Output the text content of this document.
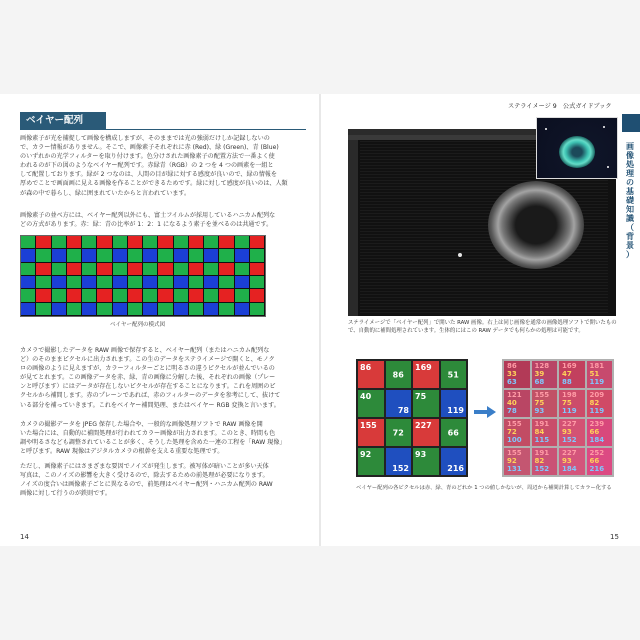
ベイヤー配列

画像素子が光を捕捉して画像を構成しますが、そのままでは光の強弱だけしか記録しないの
で、カラー情報がありません。そこで、画像素子それぞれに赤 (Red)、緑 (Green)、青 (Blue)
のいずれかの光学フィルターを取り付けます。色分けされた画像素子の配置方法で一番よく使
われるのが下の図のようなベイヤー配列です。赤緑青（RGB）の 2 つを 4 つの画素を一組と
して配置しております。緑が 2 つなのは、人間の目が緑に対する感度が良いので、緑の情報を
厚めでことで画面画に見える画像を作ることができるためです。緑に対して感度が良いのは、人類
が森の中で暮らし、緑に囲まれていたからと言われています。

画像素子の並べ方には、ベイヤー配列以外にも、富士フイルムが採用しているハニカム配列な
どの方式があります。赤：緑：青の比率が 1：2：1 になるよう素子を並べるのは共通です。

ベイヤー配列の模式図

カメラで撮影したデータを RAW 画像で保存すると、ベイヤー配列（またはハニカム配列な
ど）のそのままピクセルに出力されます。この生のデータをステライメージで開くと、モノク
ロの画像のように見えますが、カラーフィルターごとに明るさの違うピクセルが並んでいるの
が見てとれます。この画像データを赤、緑、青の画像に分解した後、それぞれの画像（プレー
ンと呼びます）にはデータが存在しないピクセルが存在することになります。これを周囲のピ
クセルから補間します。赤のプレーンであれば、赤のフィルターのデータを参考にして、抜けて
いる部分を補っていきます。これをベイヤー補間処理、またはベイヤー RGB 変換と言います。

カメラの撮影データを JPEG 保存した場合や、一般的な画像処理ソフトで RAW 画像を開
いた場合には、自動的に補間処理が行われてカラー画像が出力されます。このとき、時間も色
調や明るさなども調整されていることが多く、そうした処理を含めた一連の工程を「RAW 現像」
と呼びます。RAW 現像はデジタルカメラの根幹を支える重要な処理です。

ただし、画像素子にはさまざまな要因でノイズが発生します。被写体が暗いことが多い天体
写真は、このノイズの影響を大きく受けるので、除去するための前処理が必要になります。
ノイズの度合いは画像素子ごとに異なるので、前処理はベイヤー配列・ハニカム配列の RAW
画像に対して行うのが鉄則です。

14
ステライメージ 9　公式ガイドブック
画
像
処
理
の
基
礎
知
識
（
背
景
）
ステライメージで「ベイヤー配列」で開いた RAW 画像。右上は同じ画像を通常の画像処理ソフトで開いたもの
で、自動的に補間処理されています。生体的にはこの RAW データでも何らかの処理は可能です。
86
86
169
51
40
78
75
119
155
72
227
66
92
152
93
216
86
33
63
128
39
68
169
47
88
181
51
119
121
40
78
155
75
93
198
75
119
209
82
119
155
72
100
191
84
115
227
93
152
239
66
184
155
92
131
191
82
152
227
93
184
252
66
216
ベイヤー配列の各ピクセルは赤、緑、青のどれか 1 つの値しかないが、周辺から補間計算してカラー化する
15
